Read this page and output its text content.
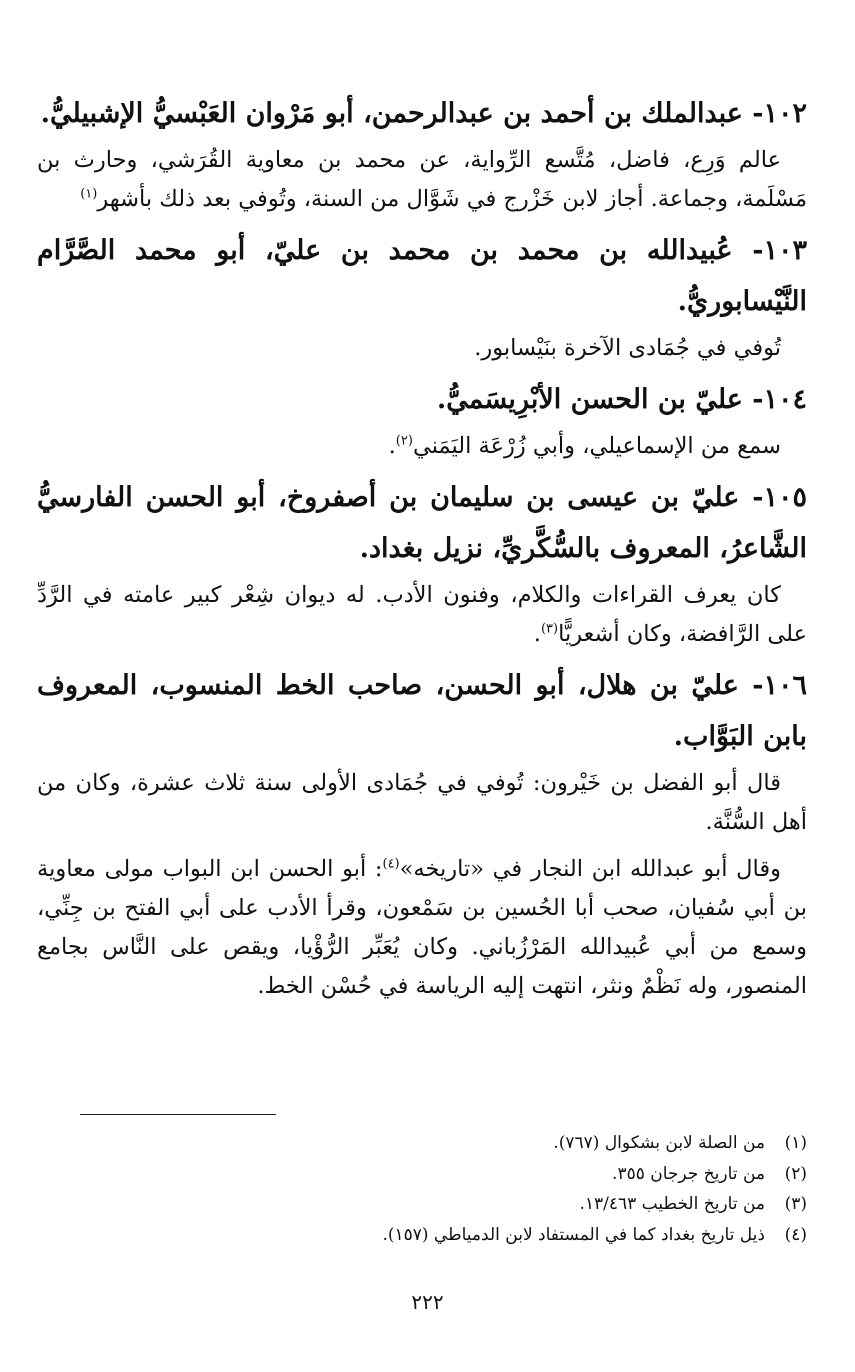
١٠٢- عبدالملك بن أحمد بن عبدالرحمن، أبو مَرْوان العَبْسيُّ الإشبيليُّ.

عالم وَرِع، فاضل، مُتَّسع الرِّواية، عن محمد بن معاوية القُرَشي، وحارث بن مَسْلَمة، وجماعة. أجاز لابن خَزْرج في شَوَّال من السنة، وتُوفي بعد ذلك بأشهر$^{(١)}$

١٠٣- عُبيدالله بن محمد بن محمد بن عليّ، أبو محمد الصَّرَّام النَّيْسابوريُّ.

تُوفي في جُمَادى الآخرة بنَيْسابور.

١٠٤- عليّ بن الحسن الأبْرِيسَميُّ.

سمع من الإسماعيلي، وأبي زُرْعَة اليَمَني$^{(٢)}$.

١٠٥- عليّ بن عيسى بن سليمان بن أصفروخ، أبو الحسن الفارسيُّ الشَّاعرُ، المعروف بالسُّكَّريِّ، نزيل بغداد.

كان يعرف القراءات والكلام، وفنون الأدب. له ديوان شِعْر كبير عامته في الرَّدِّ على الرَّافضة، وكان أشعريًّا$^{(٣)}$.

١٠٦- عليّ بن هلال، أبو الحسن، صاحب الخط المنسوب، المعروف بابن البَوَّاب.

قال أبو الفضل بن خَيْرون: تُوفي في جُمَادى الأولى سنة ثلاث عشرة، وكان من أهل السُّنَّة.

وقال أبو عبدالله ابن النجار في «تاريخه»$^{(٤)}$: أبو الحسن ابن البواب مولى معاوية بن أبي سُفيان، صحب أبا الحُسين بن سَمْعون، وقرأ الأدب على أبي الفتح بن جِنِّي، وسمع من أبي عُبيدالله المَرْزُباني. وكان يُعَبِّر الرُّؤْيا، ويقص على النَّاس بجامع المنصور، وله نَظْمٌ ونثر، انتهت إليه الرياسة في حُسْن الخط.

(١)
من الصلة لابن بشكوال (٧٦٧).
(٢)
من تاريخ جرجان ٣٥٥.
(٣)
من تاريخ الخطيب ١٣/٤٦٣.
(٤)
ذيل تاريخ بغداد كما في المستفاد لابن الدمياطي (١٥٧).
٢٢٢
